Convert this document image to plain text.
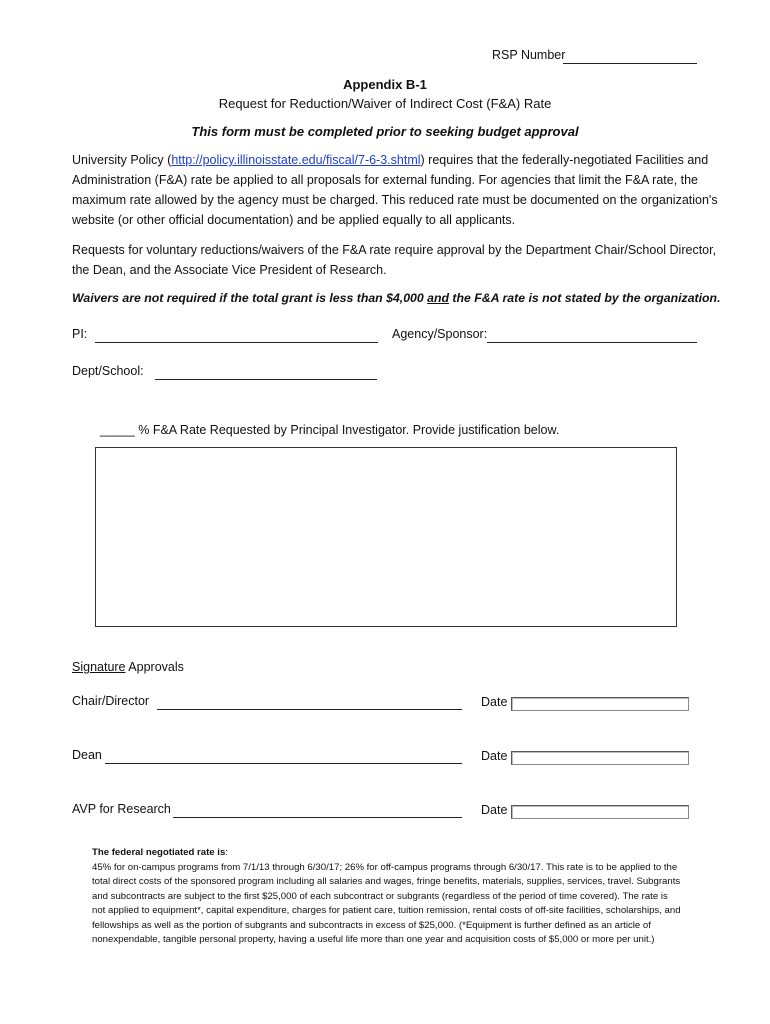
RSP Number
Appendix B-1
Request for Reduction/Waiver of Indirect Cost (F&A) Rate
This form must be completed prior to seeking budget approval
University Policy (http://policy.illinoisstate.edu/fiscal/7-6-3.shtml) requires that the federally-negotiated Facilities and Administration (F&A) rate be applied to all proposals for external funding. For agencies that limit the F&A rate, the maximum rate allowed by the agency must be charged. This reduced rate must be documented on the organization's website (or other official documentation) and be applied equally to all applicants.
Requests for voluntary reductions/waivers of the F&A rate require approval by the Department Chair/School Director, the Dean, and the Associate Vice President of Research.
Waivers are not required if the total grant is less than $4,000 and the F&A rate is not stated by the organization.
PI:	Agency/Sponsor:
Dept/School:
_____ % F&A Rate Requested by Principal Investigator. Provide justification below.
Signature Approvals
Chair/Director	Date
Dean	Date
AVP for Research	Date
The federal negotiated rate is:
45% for on-campus programs from 7/1/13 through 6/30/17; 26% for off-campus programs through 6/30/17. This rate is to be applied to the total direct costs of the sponsored program including all salaries and wages, fringe benefits, materials, supplies, services, travel. Subgrants and subcontracts are subject to the first $25,000 of each subcontract or subgrants (regardless of the period of time covered). The rate is not applied to equipment*, capital expenditure, charges for patient care, tuition remission, rental costs of off-site facilities, scholarships, and fellowships as well as the portion of subgrants and subcontracts in excess of $25,000. (*Equipment is further defined as an article of nonexpendable, tangible personal property, having a useful life more than one year and acquisition costs of $5,000 or more per unit.)
